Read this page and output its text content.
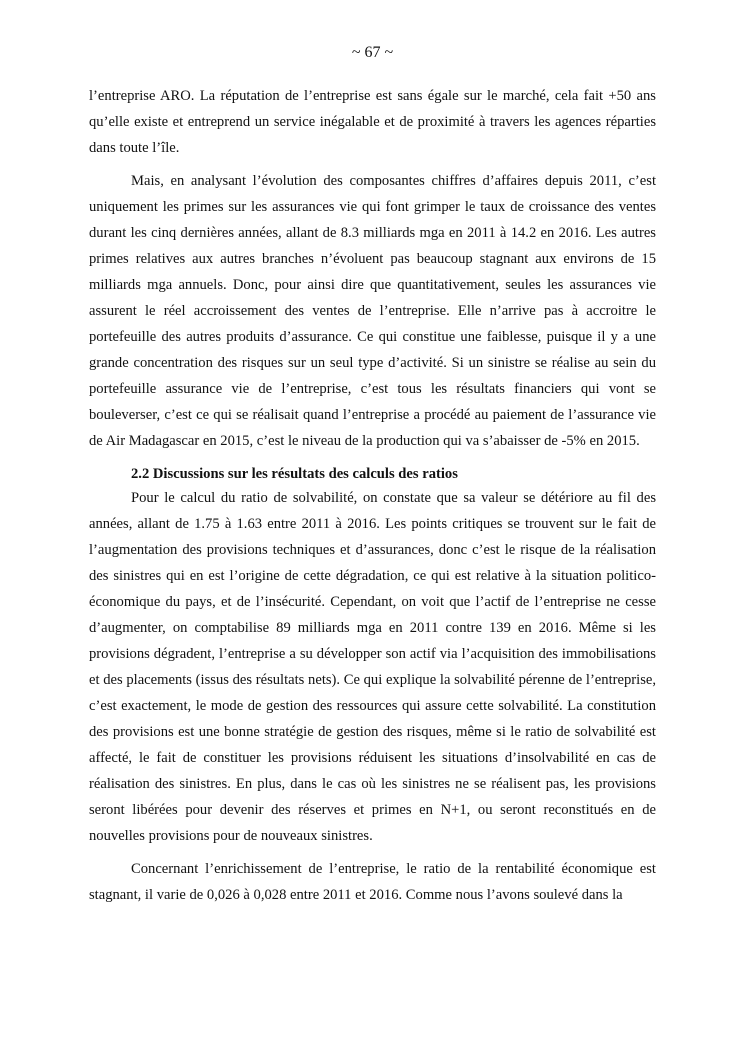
~ 67 ~

l’entreprise ARO. La réputation de l’entreprise est sans égale sur le marché, cela fait +50 ans qu’elle existe et entreprend un service inégalable et de proximité à travers les agences réparties dans toute l’île.

Mais, en analysant l’évolution des composantes chiffres d’affaires depuis 2011, c’est uniquement les primes sur les assurances vie qui font grimper le taux de croissance des ventes durant les cinq dernières années, allant de 8.3 milliards mga en 2011 à 14.2 en 2016. Les autres primes relatives aux autres branches n’évoluent pas beaucoup stagnant aux environs de 15 milliards mga annuels. Donc, pour ainsi dire que quantitativement, seules les assurances vie assurent le réel accroissement des ventes de l’entreprise. Elle n’arrive pas à accroitre le portefeuille des autres produits d’assurance. Ce qui constitue une faiblesse, puisque il y a une grande concentration des risques sur un seul type d’activité. Si un sinistre se réalise au sein du portefeuille assurance vie de l’entreprise, c’est tous les résultats financiers qui vont se bouleverser, c’est ce qui se réalisait quand l’entreprise a procédé au paiement de l’assurance vie de Air Madagascar en 2015, c’est le niveau de la production qui va s’abaisser de -5% en 2015.

2.2 Discussions sur les résultats des calculs des ratios

Pour le calcul du ratio de solvabilité, on constate que sa valeur se détériore au fil des années, allant de 1.75 à 1.63 entre 2011 à 2016. Les points critiques se trouvent sur le fait de l’augmentation des provisions techniques et d’assurances, donc c’est le risque de la réalisation des sinistres qui en est l’origine de cette dégradation, ce qui est relative à la situation politico-économique du pays, et de l’insécurité. Cependant, on voit que l’actif de l’entreprise ne cesse d’augmenter, on comptabilise 89 milliards mga en 2011 contre 139 en 2016. Même si les provisions dégradent, l’entreprise a su développer son actif via l’acquisition des immobilisations et des placements (issus des résultats nets). Ce qui explique la solvabilité pérenne de l’entreprise, c’est exactement, le mode de gestion des ressources qui assure cette solvabilité. La constitution des provisions est une bonne stratégie de gestion des risques, même si le ratio de solvabilité est affecté, le fait de constituer les provisions réduisent les situations d’insolvabilité en cas de réalisation des sinistres. En plus, dans le cas où les sinistres ne se réalisent pas, les provisions seront libérées pour devenir des réserves et primes en N+1, ou seront reconstitués en de nouvelles provisions pour de nouveaux sinistres.

Concernant l’enrichissement de l’entreprise, le ratio de la rentabilité économique est stagnant, il varie de 0,026 à 0,028 entre 2011 et 2016. Comme nous l’avons soulevé dans la
